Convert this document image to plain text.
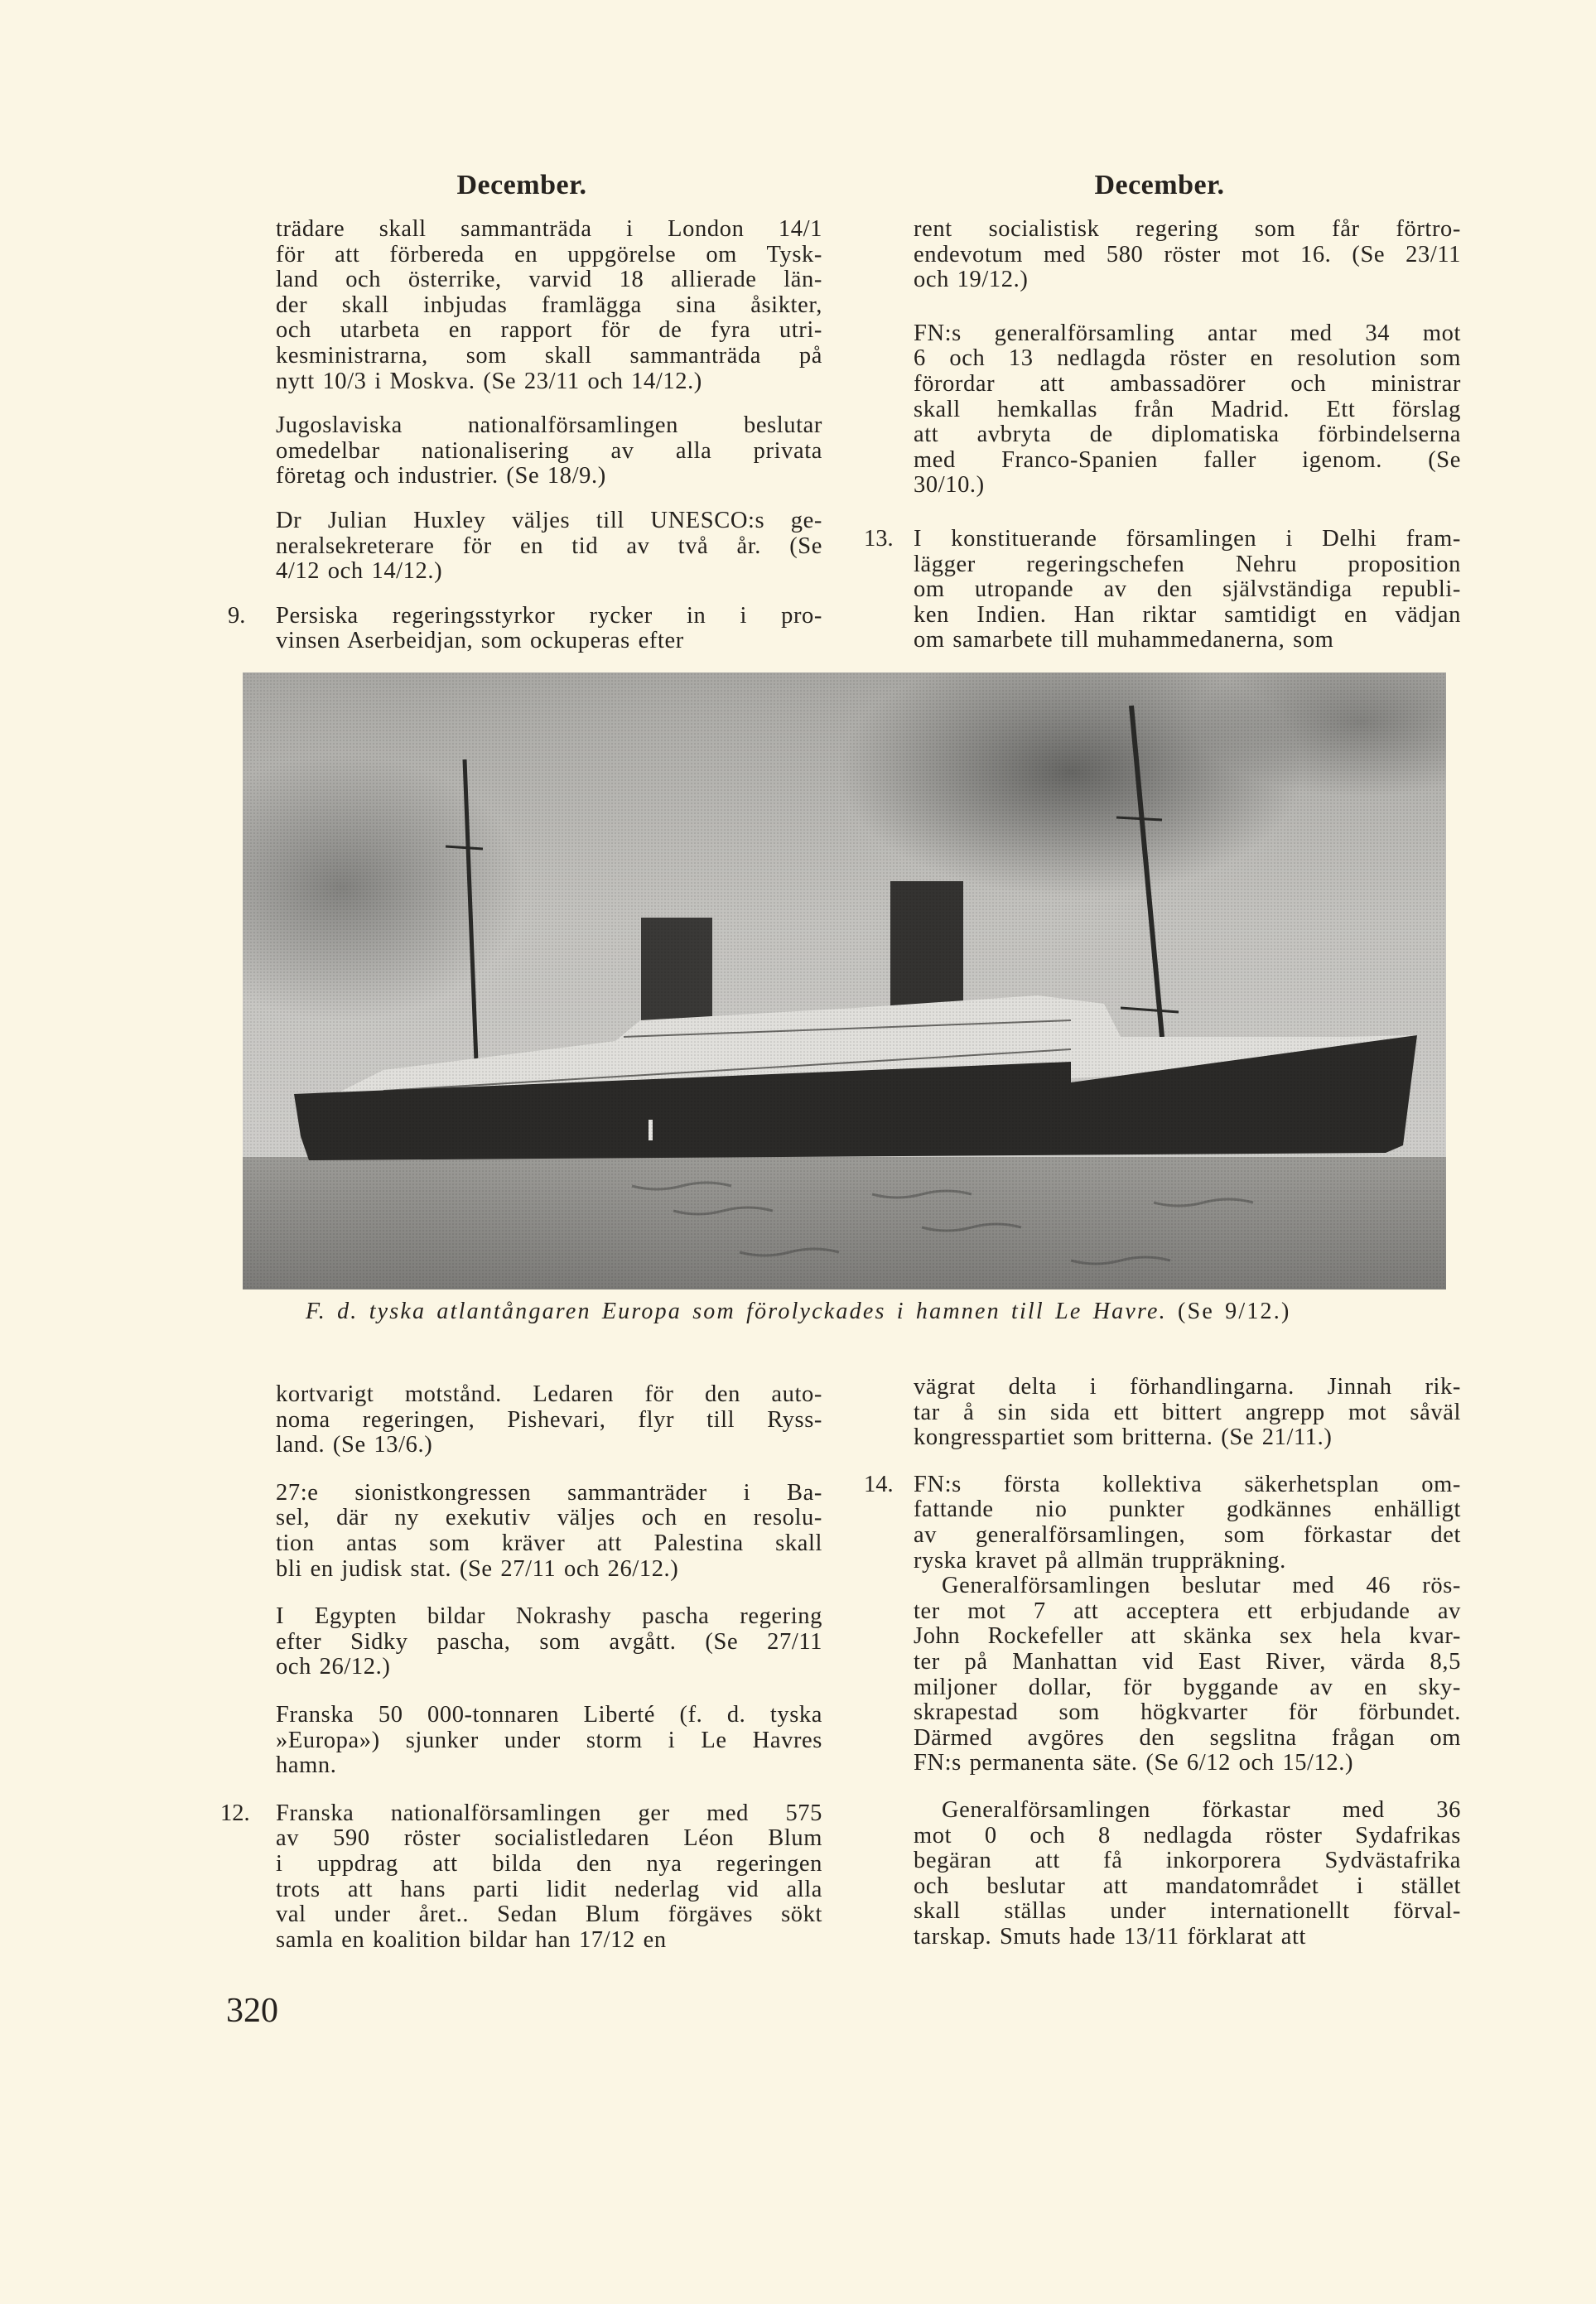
December.	December.
trädare skall sammanträda i London 14/1
för att förbereda en uppgörelse om Tysk-
land och österrike, varvid 18 allierade län-
der skall inbjudas framlägga sina åsikter,
och utarbeta en rapport för de fyra utri-
kesministrarna, som skall sammanträda på
nytt 10/3 i Moskva. (Se 23/11 och 14/12.)
Jugoslaviska nationalförsamlingen beslutar
omedelbar nationalisering av alla privata
företag och industrier. (Se 18/9.)
Dr Julian Huxley väljes till UNESCO:s ge-
neralsekreterare för en tid av två år. (Se
4/12 och 14/12.)
9. Persiska regeringsstyrkor rycker in i pro-
vinsen Aserbeidjan, som ockuperas efter
rent socialistisk regering som får förtro-
endevotum med 580 röster mot 16. (Se 23/11
och 19/12.)
FN:s generalförsamling antar med 34 mot
6 och 13 nedlagda röster en resolution som
förordar att ambassadörer och ministrar
skall hemkallas från Madrid. Ett förslag
att avbryta de diplomatiska förbindelserna
med Franco-Spanien faller igenom. (Se
30/10.)
13. I konstituerande församlingen i Delhi fram-
lägger regeringschefen Nehru proposition
om utropande av den självständiga republi-
ken Indien. Han riktar samtidigt en vädjan
om samarbete till muhammedanerna, som
F. d. tyska atlantångaren Europa som förolyckades i hamnen till Le Havre. (Se 9/12.)
kortvarigt motstånd. Ledaren för den auto-
noma regeringen, Pishevari, flyr till Ryss-
land. (Se 13/6.)
27:e sionistkongressen sammanträder i Ba-
sel, där ny exekutiv väljes och en resolu-
tion antas som kräver att Palestina skall
bli en judisk stat. (Se 27/11 och 26/12.)
I Egypten bildar Nokrashy pascha regering
efter Sidky pascha, som avgått. (Se 27/11
och 26/12.)
Franska 50 000-tonnaren Liberté (f. d. tyska
»Europa») sjunker under storm i Le Havres
hamn.
12. Franska nationalförsamlingen ger med 575
av 590 röster socialistledaren Léon Blum
i uppdrag att bilda den nya regeringen
trots att hans parti lidit nederlag vid alla
val under året.. Sedan Blum förgäves sökt
samla en koalition bildar han 17/12 en
vägrat delta i förhandlingarna. Jinnah rik-
tar å sin sida ett bittert angrepp mot såväl
kongresspartiet som britterna. (Se 21/11.)
14. FN:s första kollektiva säkerhetsplan om-
fattande nio punkter godkännes enhälligt
av generalförsamlingen, som förkastar det
ryska kravet på allmän truppräkning.
Generalförsamlingen beslutar med 46 rös-
ter mot 7 att acceptera ett erbjudande av
John Rockefeller att skänka sex hela kvar-
ter på Manhattan vid East River, värda 8,5
miljoner dollar, för byggande av en sky-
skrapestad som högkvarter för förbundet.
Därmed avgöres den segslitna frågan om
FN:s permanenta säte. (Se 6/12 och 15/12.)
Generalförsamlingen förkastar med 36
mot 0 och 8 nedlagda röster Sydafrikas
begäran att få inkorporera Sydvästafrika
och beslutar att mandatområdet i stället
skall ställas under internationellt förval-
tarskap. Smuts hade 13/11 förklarat att
320
